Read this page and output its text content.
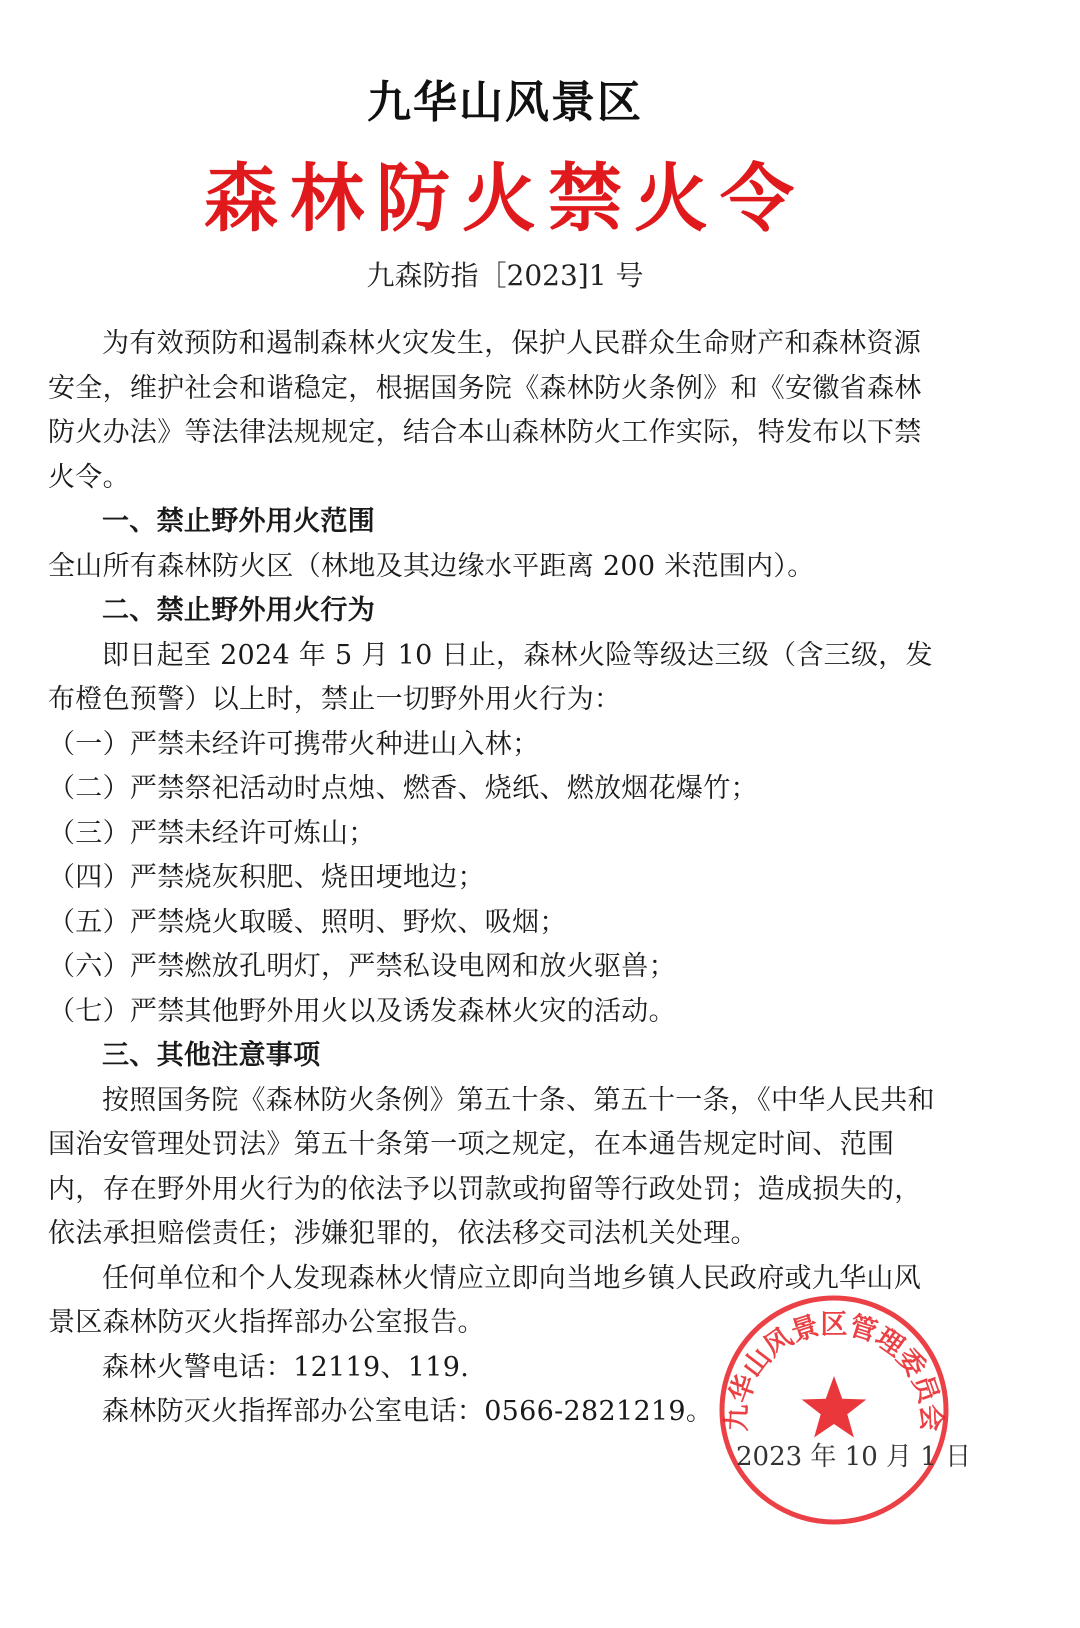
九华山风景区
森林防火禁火令
九森防指［2023]1 号

为有效预防和遏制森林火灾发生，保护人民群众生命财产和森林资源安全，维护社会和谐稳定，根据国务院《森林防火条例》和《安徽省森林防火办法》等法律法规规定，结合本山森林防火工作实际，特发布以下禁火令。

一、禁止野外用火范围

全山所有森林防火区（林地及其边缘水平距离 200 米范围内）。

二、禁止野外用火行为

即日起至 2024 年 5 月 10 日止，森林火险等级达三级（含三级，发布橙色预警）以上时，禁止一切野外用火行为：

（一）严禁未经许可携带火种进山入林；

（二）严禁祭祀活动时点烛、燃香、烧纸、燃放烟花爆竹；

（三）严禁未经许可炼山；

（四）严禁烧灰积肥、烧田埂地边；

（五）严禁烧火取暖、照明、野炊、吸烟；

（六）严禁燃放孔明灯，严禁私设电网和放火驱兽；

（七）严禁其他野外用火以及诱发森林火灾的活动。

三、其他注意事项

按照国务院《森林防火条例》第五十条、第五十一条，《中华人民共和国治安管理处罚法》第五十条第一项之规定，在本通告规定时间、范围内，存在野外用火行为的依法予以罚款或拘留等行政处罚；造成损失的，依法承担赔偿责任；涉嫌犯罪的，依法移交司法机关处理。

任何单位和个人发现森林火情应立即向当地乡镇人民政府或九华山风景区森林防灭火指挥部办公室报告。

森林火警电话：12119、119.

森林防灭火指挥部办公室电话：0566-2821219。 九华山风景区管理委员会
2023 年 10 月 1 日
